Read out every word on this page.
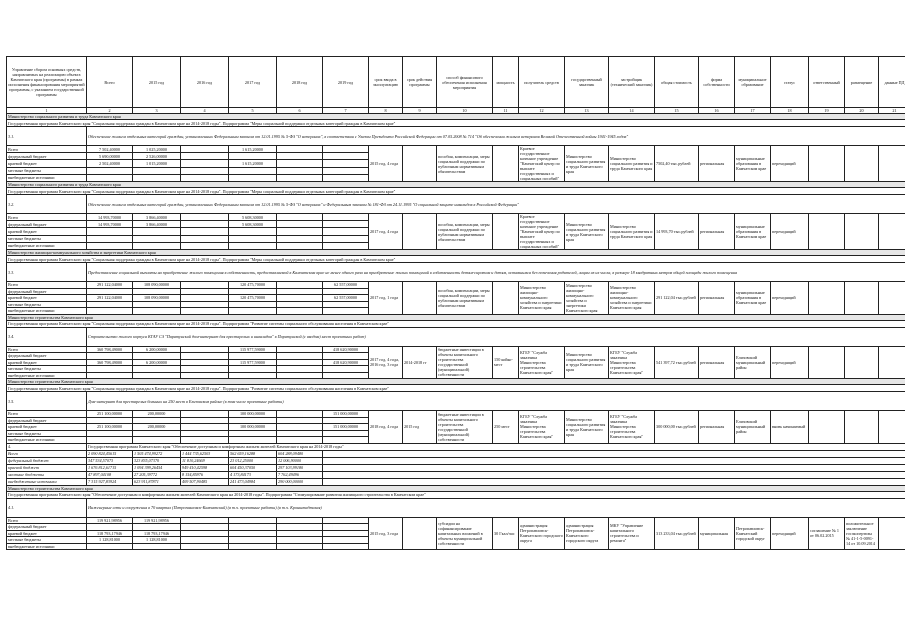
Управление сбором основных средств, направляемых на реализацию объекта Камчатского края (программы) в рамках исполнения финансирования мероприятий программы, с указанием государственной программы	Всего	2015 год	2016 год	2017 год	2018 год	2019 год	срок ввода в эксплуатацию	срок действия программы	способ финансового обеспечения исполнения мероприятия	мощность	получатель средств	государственный заказчик	застройщик (технический заказчик)	общая стоимость	форма собственности	муниципальное образование	статус	ответственный	размещение	данные ПД
1	2	3	4	5	6	7	8	9	10	11	12	13	14	15	16	17	18	19	20	21
Министерство социального развития и труда Камчатского края																				
Государственная программа Камчатского края "Социальная поддержка граждан в Камчатском крае на 2014-2018 годы". Подпрограмма "Меры социальной поддержки отдельных категорий граждан в Камчатском крае"																				
3.1.	Обеспечение жильем отдельных категорий граждан, установленных Федеральным законом от 12.01.1995 № 5-ФЗ "О ветеранах", в соответствии с Указом Президента Российской Федерации от 07.05.2008 № 714 "Об обеспечении жильем ветеранов Великой Отечественной войны 1941-1945 годов"																			
Всего	7 502,40000	1 025,20000		1 615,20000			2015 год, 4 года		пособия, компенсации, меры социальной поддержки по публичным нормативным обязательствам		Краевое государственное казенное учреждение "Камчатский центр по выплате государственных и социальных пособий"	Министерство социального развития и труда Камчатского края	Министерство социального развития и труда Камчатского края	7502,40 тыс.рублей	региональная	муниципальные образования в Камчатском крае	переходящий			
федеральный бюджет	5 690,00000	2 526,00000																		
краевой бюджет	2 502,40000	1 015,20000		1 615,20000																
местные бюджеты																				
внебюджетные источники																				
Министерство социального развития и труда Камчатского края																				
Государственная программа Камчатского края "Социальная поддержка граждан в Камчатском крае на 2014-2018 годы". Подпрограмма "Меры социальной поддержки отдельных категорий граждан в Камчатском крае"																				
3.2.	Обеспечение жильем отдельных категорий граждан, установленных Федеральным законом от 12.01.1995 № 5-ФЗ "О ветеранах" и Федеральным законом № 181-ФЗ от 24.11.1995 "О социальной защите инвалидов в Российской Федерации"																			
Всего	14 993,70000	3 866,40000		5 608,30000			2017 год, 4 года		пособия, компенсации, меры социальной поддержки по публичным нормативным обязательствам		Краевое государственное казенное учреждение "Камчатский центр по выплате государственных и социальных пособий"	Министерство социального развития и труда Камчатского края	Министерство социального развития и труда Камчатского края	14 993,70 тыс.рублей	региональная	муниципальные образования в Камчатском крае	переходящий			
федеральный бюджет	14 993,70000	3 866,40000		5 608,30000																
краевой бюджет																				
местные бюджеты																				
внебюджетные источники																				
Министерство жилищно-коммунального хозяйства и энергетики Камчатского края																				
Государственная программа Камчатского края "Социальная поддержка граждан в Камчатском крае на 2014-2018 годы". Подпрограмма "Меры социальной поддержки отдельных категорий граждан в Камчатском крае"																				
3.3.	Предоставление социальной выплаты на приобретение жилого помещения в собственность, предоставляемой в Камчатском крае не менее одного раза на приобретение жилых помещений в собственность детям-сиротам и детям, оставшимся без попечения родителей, лицам из их числа, в размере 18 квадратных метров общей площади жилого помещения																			
Всего	291 122,04000	108 090,00000		120 475,70000		62 557,00000	2017 год, 1 года		пособия, компенсации, меры социальной поддержки по публичным нормативным обязательствам		Министерство жилищно-коммунального хозяйства и энергетики Камчатского края	Министерство жилищно-коммунального хозяйства и энергетики Камчатского края	Министерство жилищно-коммунального хозяйства и энергетики Камчатского края	291 122,04 тыс.рублей	региональная	муниципальные образования в Камчатском крае	переходящий			
федеральный бюджет																				
краевой бюджет	291 122,04000	108 090,00000		120 475,70000		62 557,00000														
местные бюджеты																				
внебюджетные источники																				
Министерство строительства Камчатского края																				
Государственная программа Камчатского края "Социальная поддержка граждан в Камчатском крае на 2014-2018 годы". Подпрограмма "Развитие системы социального обслуживания населения в Камчатском крае"																				
3.4.	Строительство жилого корпуса КГАУ СЗ "Паратунский дом-интернат для престарелых и инвалидов" в Паратунской (с вводом) мест проектных работ)																			
Всего	360 798,49000	6 200,00000		115 977,59000		418 620,90000	2017 год, 4 года, 2016 год, 3 года	2014-2018 гг	бюджетные инвестиции в объекты капитального строительства государственной (муниципальной) собственности	150 койко-мест	КГБУ "Служба заказчика Министерства строительства Камчатского края"	Министерство социального развития и труда Камчатского края	КГБУ "Служба заказчика Министерства строительства Камчатского края"	541 397,72 тыс.рублей	региональная	Елизовский муниципальный район	переходящий			
федеральный бюджет																				
краевой бюджет	360 798,49000	6 200,00000		115 977,59000		418 620,90000														
местные бюджеты																				
внебюджетные источники																				
Министерство строительства Камчатского края																				
Государственная программа Камчатского края "Социальная поддержка граждан в Камчатском крае на 2014-2018 годы". Подпрограмма "Развитие системы социального обслуживания населения в Камчатском крае"																				
3.5.	Дом-интернат для престарелых больных на 250 мест в Елизовском районе (в том числе проектные работы)																			
Всего	251 100,00000	200,00000		100 000,00000		151 000,00000	2018 год, 4 года	2015 год	бюджетные инвестиции в объекты капитального строительства государственной (муниципальной) собственности	250 мест	КГБУ "Служба заказчика Министерства строительства Камчатского края"	Министерство социального развития и труда Камчатского края	КГБУ "Служба заказчика Министерства строительства Камчатского края"	300 000,00 тыс.рублей	региональная	Елизовский муниципальный район	вновь начинаемый			
федеральный бюджет																				
краевой бюджет	251 100,00000	200,00000		100 000,00000		151 000,00000														
местные бюджеты																				
внебюджетные источники																				
4.	Государственная программа Камчатского края "Обеспечение доступным и комфортным жильем жителей Камчатского края на 2014-2018 годы"																			
Всего	2 090 824,45615	1 505 474,99272	1 444 735,62503	562 659,16288	604 288,09480															
федеральный бюджет	347 534,57073	323 835,07370	11 810,24669	23 012,25000	12 006,90000															
краевой бюджет	1 676 812,61715	1 094 399,26454	949 410,42598	604 450,37050	297 103,99180															
местные бюджеты	47 897,04108	27 205,39772	8 154,85976	4 173,84173	7 762,49496															
внебюджетные источники	7 315 927,83924	623 911,87871	409 507,90485	241 473,04984	290 000,00000															
Министерство строительства Камчатского края																				
Государственная программа Камчатского края "Обеспечение доступным и комфортным жильем жителей Камчатского края на 2014-2018 годы". Подпрограмма "Стимулирование развития жилищного строительства в Камчатском крае"																				
4.1.	Инженерные сети и сооружения в 70 квартал (Петропавловск-Камчатский) (в т.ч. проектные работы) (в т.ч. Кронштадтская)																			
Всего	119 921,98956	119 921,98956					2015 год, 3 года		субсидии на софинансирование капитальных вложений в объекты муниципальной собственности	30 Гкал/час	администрация Петропавловск-Камчатского городского округа	администрация Петропавловск-Камчатского городского округа	МКУ "Управление капитального строительства и ремонта"	313 233,04 тыс.рублей	муниципальная	Петропавловск-Камчатский городской округ	переходящий	соглашение № 1 от 06.02.2015	положительное заключение госэкспертизы № 41-1-5-0091-14 от 10.09.2014	
федеральный бюджет																				
краевой бюджет	118 793,17946	118 793,17946																		
местные бюджеты	1 128,81000	1 128,81000																		
внебюджетные источники																				
